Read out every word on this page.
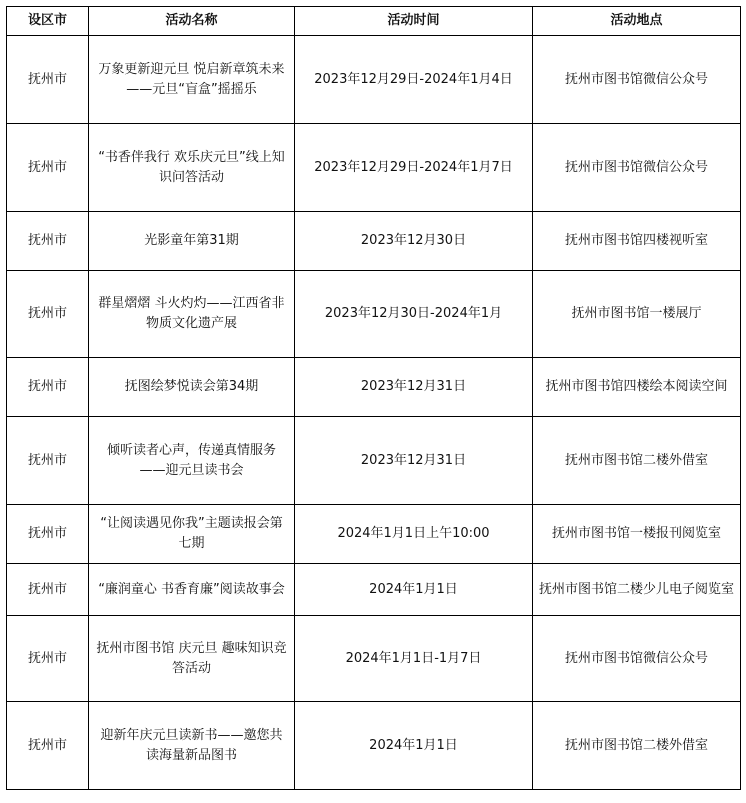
设区市	活动名称	活动时间	活动地点
抚州市	万象更新迎元旦 悦启新章筑未来——元旦“盲盒”摇摇乐	2023年12月29日-2024年1月4日	抚州市图书馆微信公众号
抚州市	“书香伴我行 欢乐庆元旦”线上知识问答活动	2023年12月29日-2024年1月7日	抚州市图书馆微信公众号
抚州市	光影童年第31期	2023年12月30日	抚州市图书馆四楼视听室
抚州市	群星熠熠 斗火灼灼——江西省非物质文化遗产展	2023年12月30日-2024年1月	抚州市图书馆一楼展厅
抚州市	抚图绘梦悦读会第34期	2023年12月31日	抚州市图书馆四楼绘本阅读空间
抚州市	倾听读者心声，传递真情服务——迎元旦读书会	2023年12月31日	抚州市图书馆二楼外借室
抚州市	“让阅读遇见你我”主题读报会第七期	2024年1月1日上午10:00	抚州市图书馆一楼报刊阅览室
抚州市	“廉润童心 书香育廉”阅读故事会	2024年1月1日	抚州市图书馆二楼少儿电子阅览室
抚州市	抚州市图书馆 庆元旦 趣味知识竞答活动	2024年1月1日-1月7日	抚州市图书馆微信公众号
抚州市	迎新年庆元旦读新书——邀您共读海量新品图书	2024年1月1日	抚州市图书馆二楼外借室
